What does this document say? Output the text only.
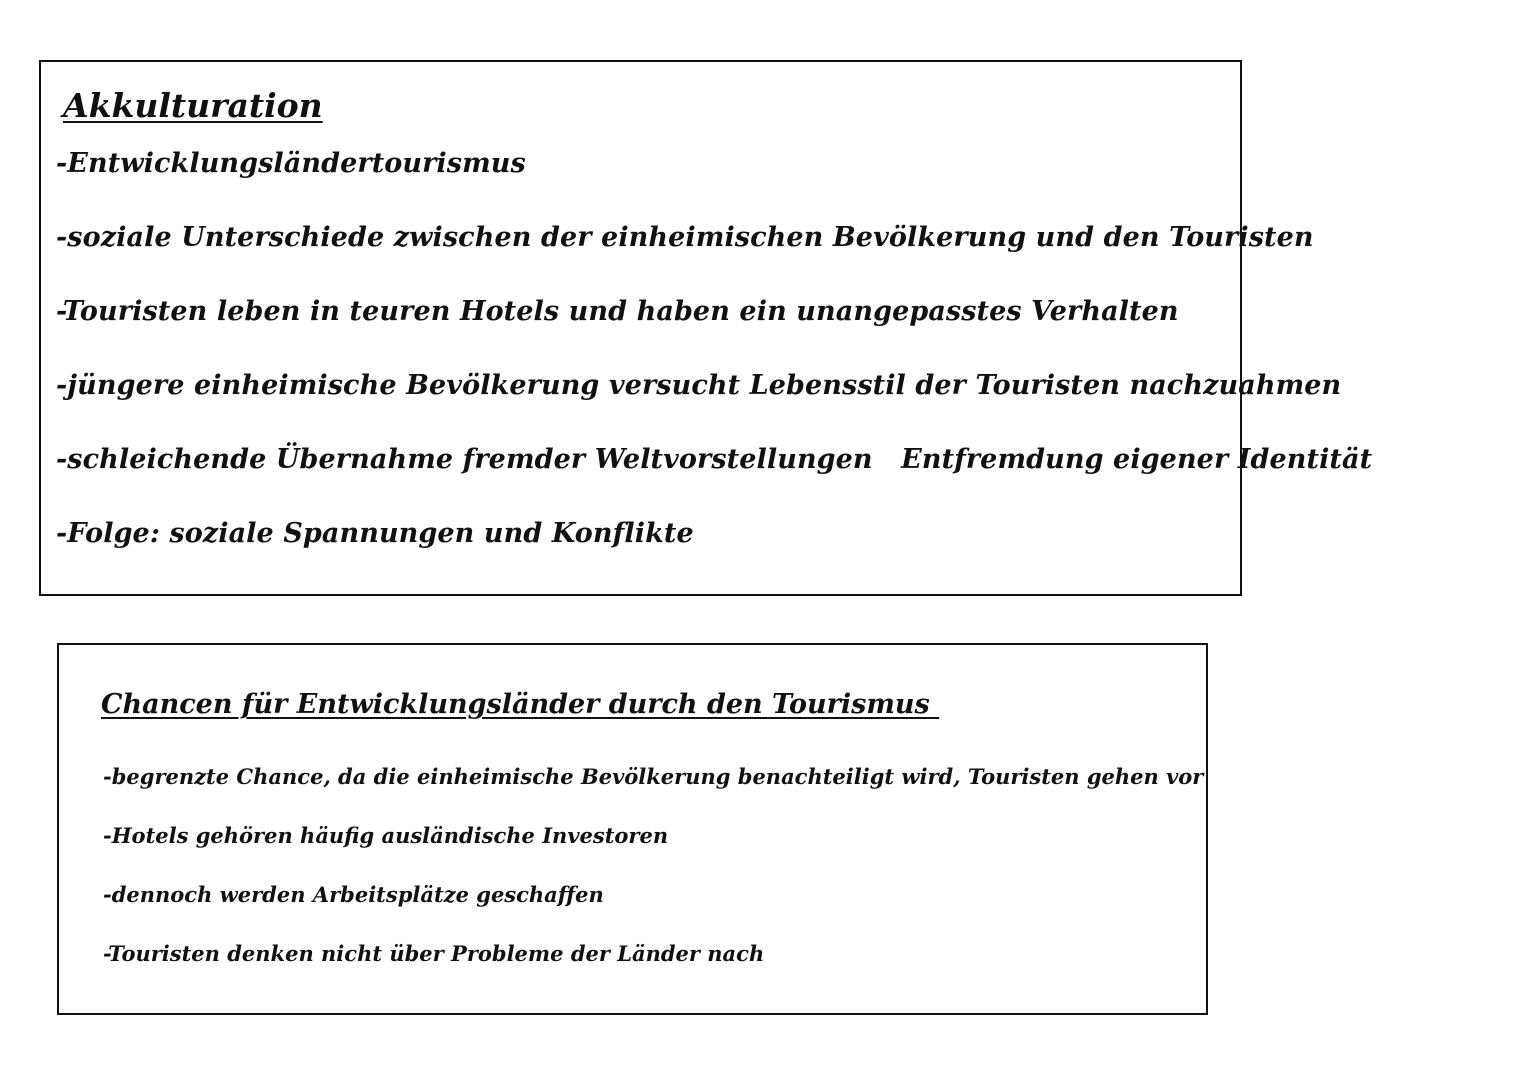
Akkulturation

-Entwicklungsländertourismus

-soziale Unterschiede zwischen der einheimischen Bevölkerung und den Touristen

-Touristen leben in teuren Hotels und haben ein unangepasstes Verhalten

-jüngere einheimische Bevölkerung versucht Lebensstil der Touristen nachzuahmen

-schleichende Übernahme fremder Weltvorstellungen   Entfremdung eigener Identität

-Folge: soziale Spannungen und Konflikte

Chancen für Entwicklungsländer durch den Tourismus

-begrenzte Chance, da die einheimische Bevölkerung benachteiligt wird, Touristen gehen vor

-Hotels gehören häufig ausländische Investoren

-dennoch werden Arbeitsplätze geschaffen

-Touristen denken nicht über Probleme der Länder nach
